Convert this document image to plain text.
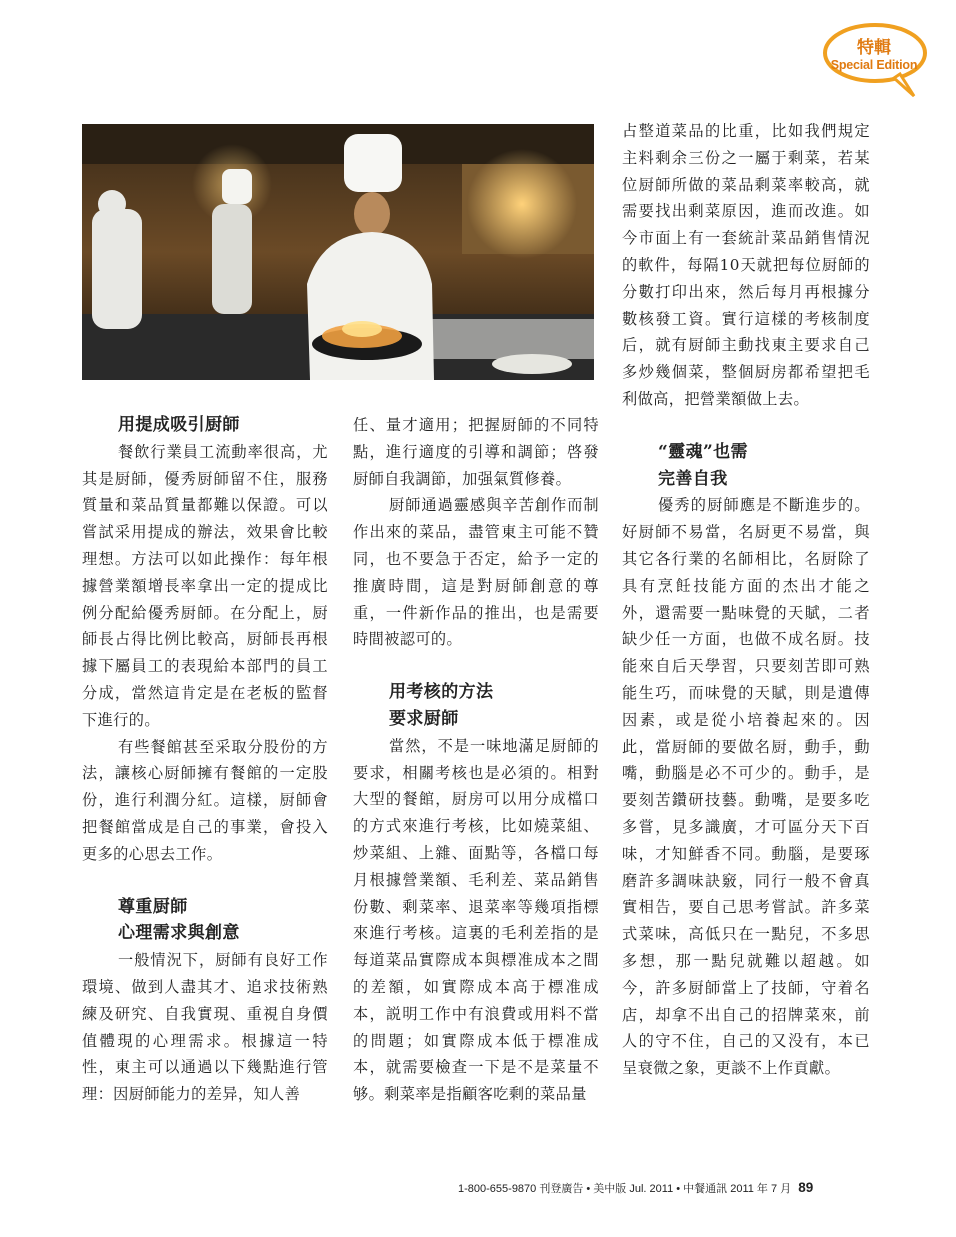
特輯
Special Edition
用提成吸引厨師
餐飲行業員工流動率很高，尤其是厨師，優秀厨師留不住，服務質量和菜品質量都難以保證。可以嘗試采用提成的辦法，效果會比較理想。方法可以如此操作：每年根據營業額增長率拿出一定的提成比例分配給優秀厨師。在分配上，厨師長占得比例比較高，厨師長再根據下屬員工的表現給本部門的員工分成，當然這肯定是在老板的監督下進行的。
有些餐館甚至采取分股份的方法，讓核心厨師擁有餐館的一定股份，進行利潤分紅。這樣，厨師會把餐館當成是自己的事業，會投入更多的心思去工作。
尊重厨師
心理需求與創意
一般情況下，厨師有良好工作環境、做到人盡其才、追求技術熟練及研究、自我實現、重視自身價值體現的心理需求。根據這一特性，東主可以通過以下幾點進行管理：因厨師能力的差异，知人善
任、量才適用；把握厨師的不同特點，進行適度的引導和調節；啓發厨師自我調節，加强氣質修養。
厨師通過靈感與辛苦創作而制作出來的菜品，盡管東主可能不贊同，也不要急于否定，給予一定的推廣時間，這是對厨師創意的尊重，一件新作品的推出，也是需要時間被認可的。
用考核的方法
要求厨師
當然，不是一味地滿足厨師的要求，相關考核也是必須的。相對大型的餐館，厨房可以用分成檔口的方式來進行考核，比如燒菜組、炒菜組、上雜、面點等，各檔口每月根據營業額、毛利差、菜品銷售份數、剩菜率、退菜率等幾項指標來進行考核。這裏的毛利差指的是每道菜品實際成本與標准成本之間的差額，如實際成本高于標准成本，説明工作中有浪費或用料不當的問題；如實際成本低于標准成本，就需要檢查一下是不是菜量不够。剩菜率是指顧客吃剩的菜品量
占整道菜品的比重，比如我們規定主料剩余三份之一屬于剩菜，若某位厨師所做的菜品剩菜率較高，就需要找出剩菜原因，進而改進。如今市面上有一套統計菜品銷售情況的軟件，每隔10天就把每位厨師的分數打印出來，然后每月再根據分數核發工資。實行這樣的考核制度后，就有厨師主動找東主要求自己多炒幾個菜，整個厨房都希望把毛利做高，把營業額做上去。
“靈魂”也需
完善自我
優秀的厨師應是不斷進步的。好厨師不易當，名厨更不易當，與其它各行業的名師相比，名厨除了具有烹飪技能方面的杰出才能之外，還需要一點味覺的天賦，二者缺少任一方面，也做不成名厨。技能來自后天學習，只要刻苦即可熟能生巧，而味覺的天賦，則是遺傳因素，或是從小培養起來的。因此，當厨師的要做名厨，動手，動嘴，動腦是必不可少的。動手，是要刻苦鑽研技藝。動嘴，是要多吃多嘗，見多識廣，才可區分天下百味，才知鮮香不同。動腦，是要琢磨許多調味訣竅，同行一般不會真實相告，要自己思考嘗試。許多菜式菜味，高低只在一點兒，不多思多想，那一點兒就難以超越。如今，許多厨師當上了技師，守着名店，却拿不出自己的招牌菜來，前人的守不住，自己的又没有，本已呈衰微之象，更談不上作貢獻。
1-800-655-9870 刊登廣告 • 美中版 Jul. 2011 • 中餐通訊 2011 年 7 月 89
